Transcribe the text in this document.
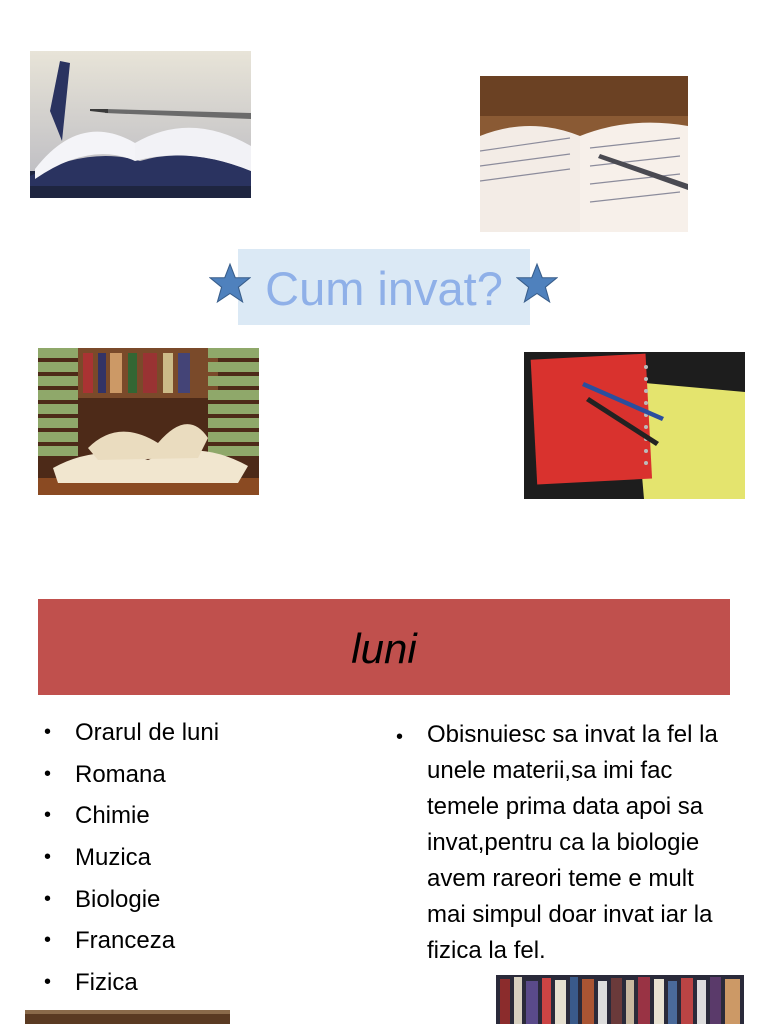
Cum invat?
luni
• Orarul de luni
• Romana
• Chimie
• Muzica
• Biologie
• Franceza
• Fizica
• Obisnuiesc sa invat la fel la unele materii,sa imi fac temele prima data apoi sa invat,pentru ca la biologie avem rareori teme e mult mai simpul doar invat iar la fizica la fel.
